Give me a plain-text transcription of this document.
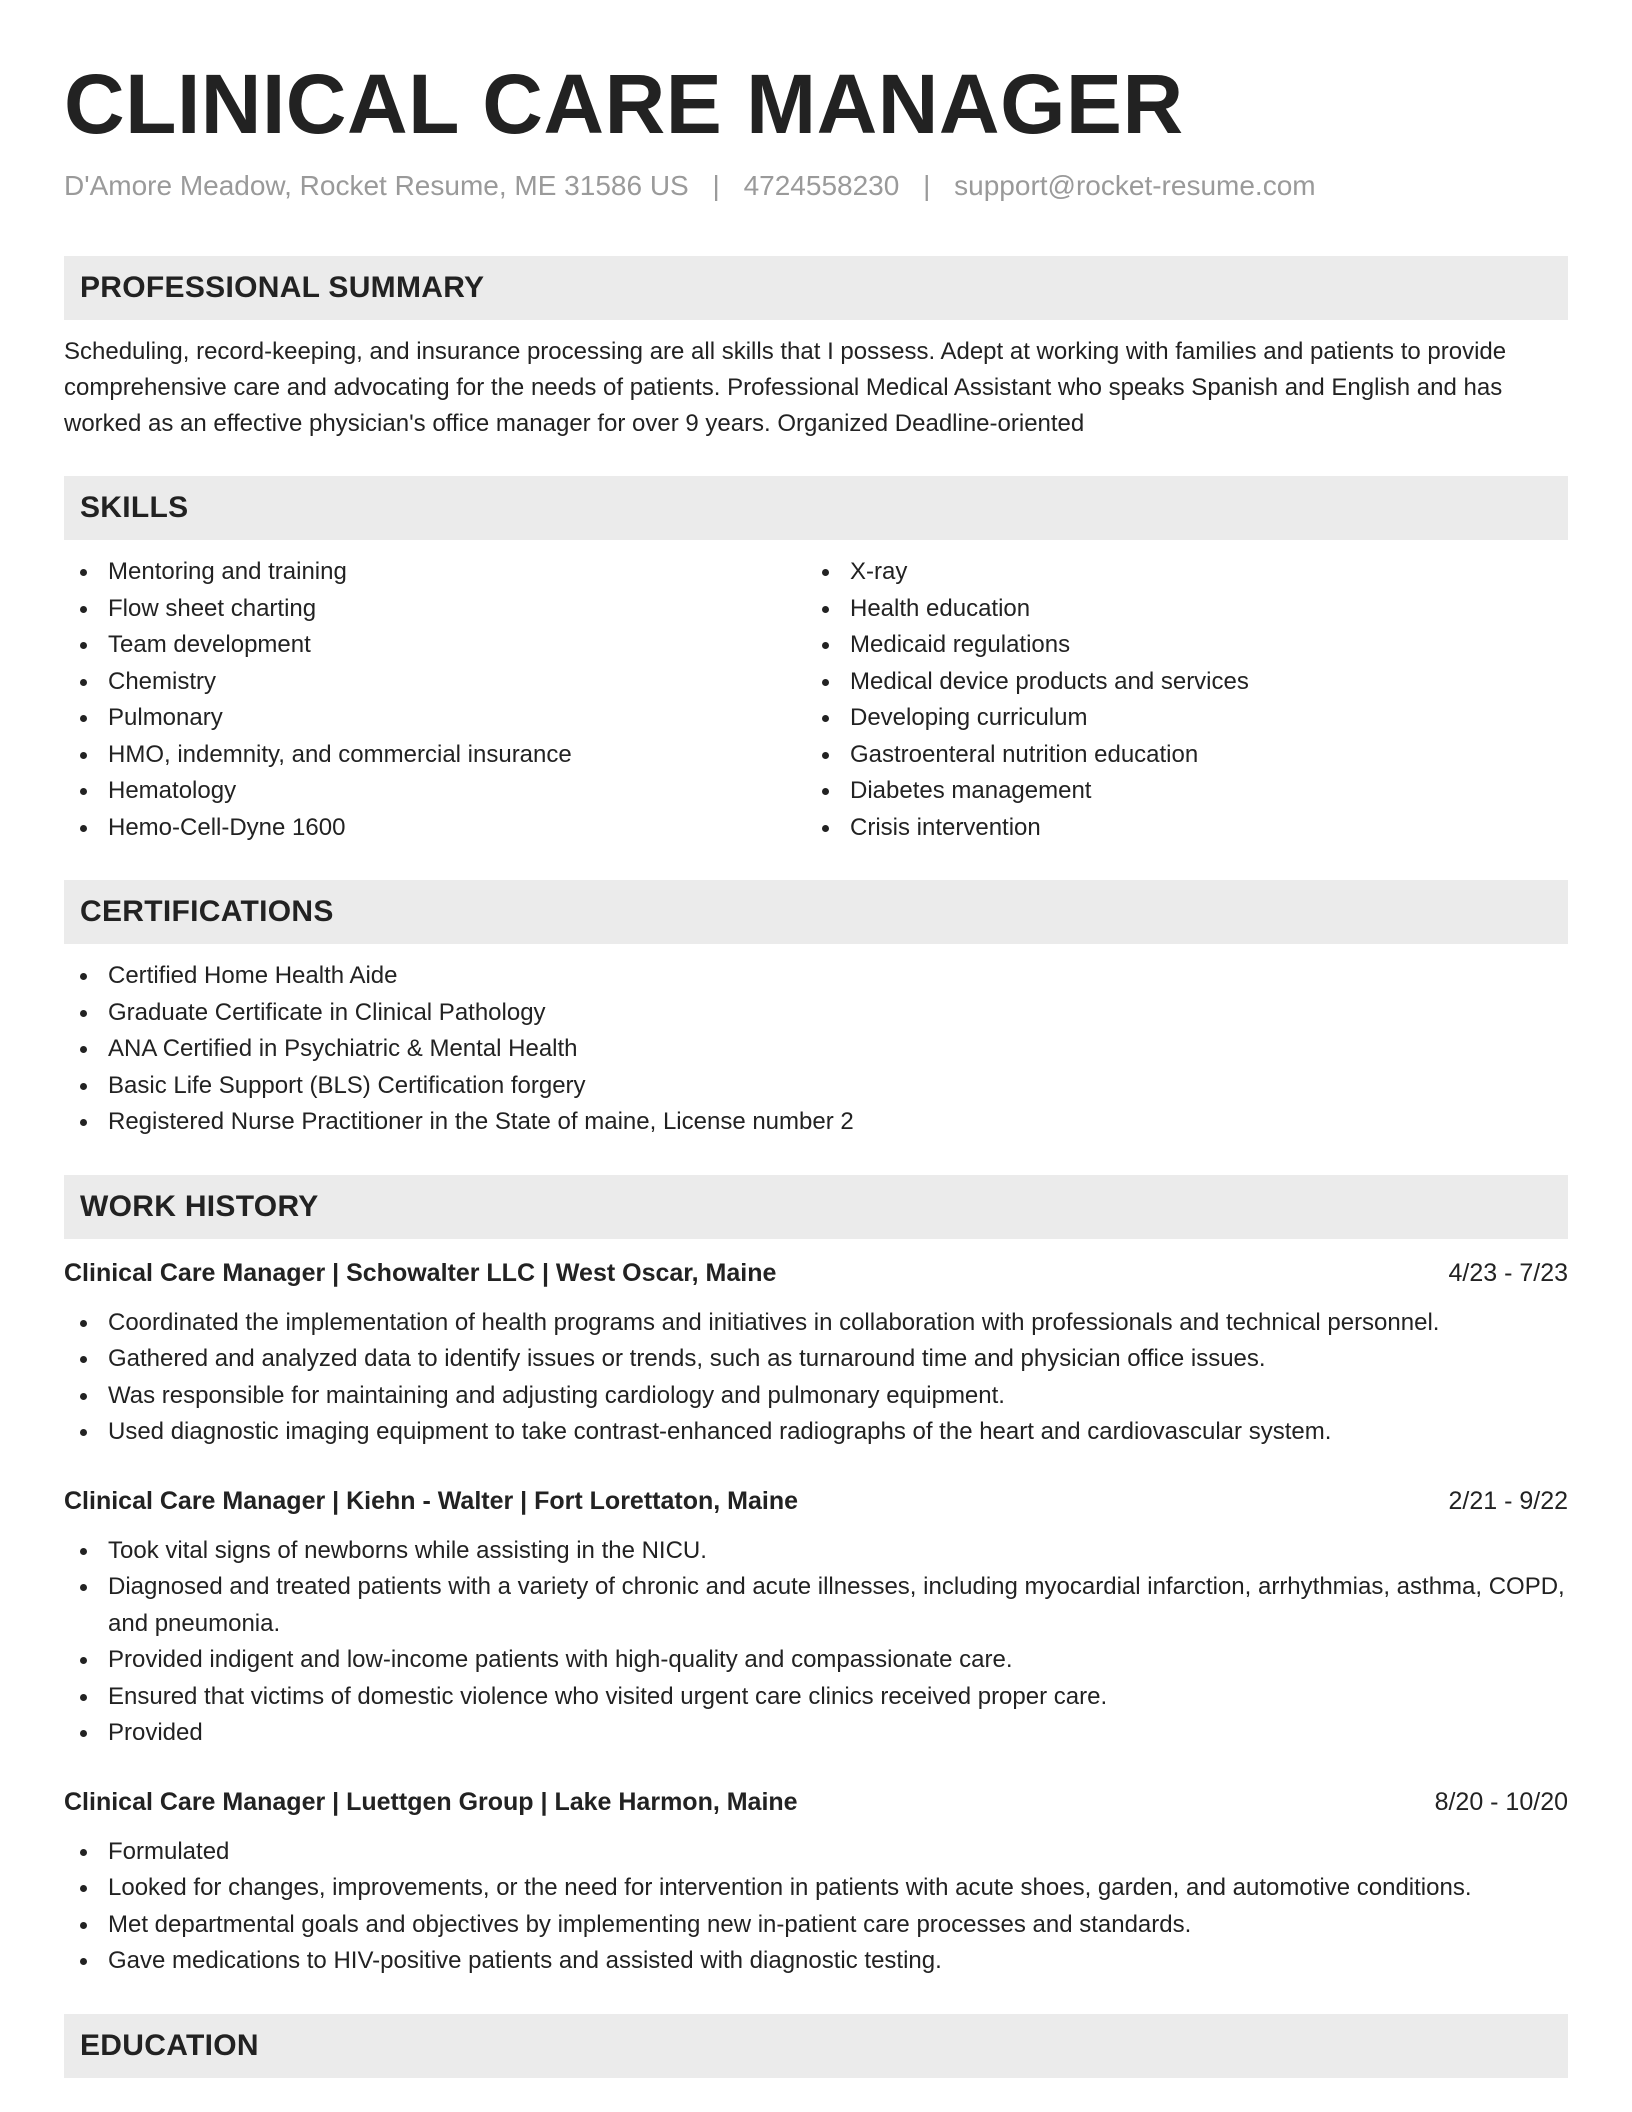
CLINICAL CARE MANAGER
D'Amore Meadow, Rocket Resume, ME 31586 US | 4724558230 | support@rocket-resume.com
PROFESSIONAL SUMMARY

Scheduling, record-keeping, and insurance processing are all skills that I possess. Adept at working with families and patients to provide comprehensive care and advocating for the needs of patients. Professional Medical Assistant who speaks Spanish and English and has worked as an effective physician's office manager for over 9 years. Organized Deadline-oriented

SKILLS
Mentoring and training
Flow sheet charting
Team development
Chemistry
Pulmonary
HMO, indemnity, and commercial insurance
Hematology
Hemo-Cell-Dyne 1600
X-ray
Health education
Medicaid regulations
Medical device products and services
Developing curriculum
Gastroenteral nutrition education
Diabetes management
Crisis intervention
CERTIFICATIONS
Certified Home Health Aide
Graduate Certificate in Clinical Pathology
ANA Certified in Psychiatric & Mental Health
Basic Life Support (BLS) Certification forgery
Registered Nurse Practitioner in the State of maine, License number 2
WORK HISTORY
Clinical Care Manager | Schowalter LLC | West Oscar, Maine	4/23 - 7/23
Coordinated the implementation of health programs and initiatives in collaboration with professionals and technical personnel.
Gathered and analyzed data to identify issues or trends, such as turnaround time and physician office issues.
Was responsible for maintaining and adjusting cardiology and pulmonary equipment.
Used diagnostic imaging equipment to take contrast-enhanced radiographs of the heart and cardiovascular system.
Clinical Care Manager | Kiehn - Walter | Fort Lorettaton, Maine	2/21 - 9/22
Took vital signs of newborns while assisting in the NICU.
Diagnosed and treated patients with a variety of chronic and acute illnesses, including myocardial infarction, arrhythmias, asthma, COPD, and pneumonia.
Provided indigent and low-income patients with high-quality and compassionate care.
Ensured that victims of domestic violence who visited urgent care clinics received proper care.
Provided
Clinical Care Manager | Luettgen Group | Lake Harmon, Maine	8/20 - 10/20
Formulated
Looked for changes, improvements, or the need for intervention in patients with acute shoes, garden, and automotive conditions.
Met departmental goals and objectives by implementing new in-patient care processes and standards.
Gave medications to HIV-positive patients and assisted with diagnostic testing.
EDUCATION
